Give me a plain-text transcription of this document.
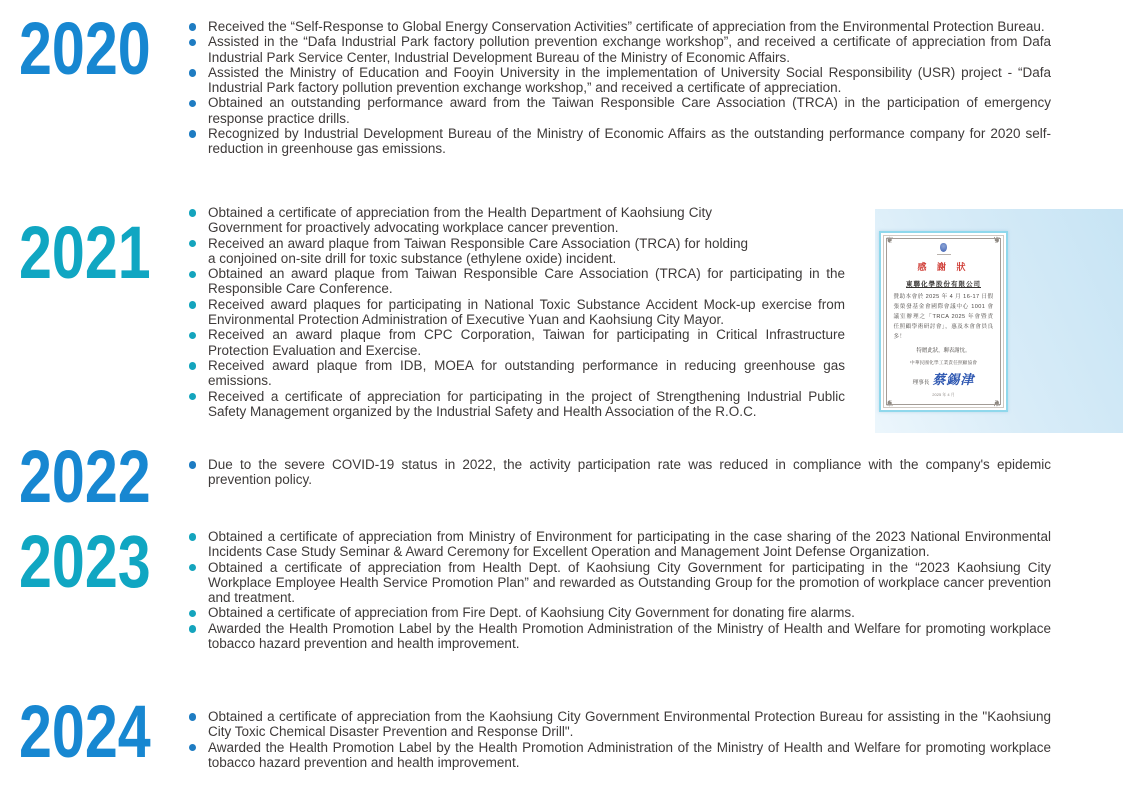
❦	❦
❦	❦
感 謝 狀
東聯化學股份有限公司
贊助本會於 2025 年 4 月 16-17 日假張榮發基金會國際會議中心 1001 會議室辦理之「TRCA 2025 年會暨責任照顧學術研討會」，惠及本會會員良多！
特贈此狀，聊表謝忱。
中華民國化學工業責任照顧協會
理事長 蔡錫津
2025 年 4 月
2020	Received the “Self-Response to Global Energy Conservation Activities” certificate of appreciation from the Environmental Protection Bureau.
Assisted in the “Dafa Industrial Park factory pollution prevention exchange workshop”, and received a certificate of appreciation from Dafa Industrial Park Service Center, Industrial Development Bureau of the Ministry of Economic Affairs.
Assisted the Ministry of Education and Fooyin University in the implementation of University Social Responsibility (USR) project - “Dafa Industrial Park factory pollution prevention exchange workshop,” and received a certificate of appreciation.
Obtained an outstanding performance award from the Taiwan Responsible Care Association (TRCA) in the participation of emergency response practice drills.
Recognized by Industrial Development Bureau of the Ministry of Economic Affairs as the outstanding performance company for 2020 self-reduction in greenhouse gas emissions.
2021	Obtained a certificate of appreciation from the Health Department of Kaohsiung City Government for proactively advocating workplace cancer prevention.
Received an award plaque from Taiwan Responsible Care Association (TRCA) for holding a conjoined on-site drill for toxic substance (ethylene oxide) incident.
Obtained an award plaque from Taiwan Responsible Care Association (TRCA) for participating in the Responsible Care Conference.
Received award plaques for participating in National Toxic Substance Accident Mock-up exercise from Environmental Protection Administration of Executive Yuan and Kaohsiung City Mayor.
Received an award plaque from CPC Corporation, Taiwan for participating in Critical Infrastructure Protection Evaluation and Exercise.
Received award plaque from IDB, MOEA for outstanding performance in reducing greenhouse gas emissions.
Received a certificate of appreciation for participating in the project of Strengthening Industrial Public Safety Management organized by the Industrial Safety and Health Association of the R.O.C.
2022	Due to the severe COVID-19 status in 2022, the activity participation rate was reduced in compliance with the company's epidemic prevention policy.
2023	Obtained a certificate of appreciation from Ministry of Environment for participating in the case sharing of the 2023 National Environmental Incidents Case Study Seminar & Award Ceremony for Excellent Operation and Management Joint Defense Organization.
Obtained a certificate of appreciation from Health Dept. of Kaohsiung City Government for participating in the “2023 Kaohsiung City Workplace Employee Health Service Promotion Plan” and rewarded as Outstanding Group for the promotion of workplace cancer prevention and treatment.
Obtained a certificate of appreciation from Fire Dept. of Kaohsiung City Government for donating fire alarms.
Awarded the Health Promotion Label by the Health Promotion Administration of the Ministry of Health and Welfare for promoting workplace tobacco hazard prevention and health improvement.
2024	Obtained a certificate of appreciation from the Kaohsiung City Government Environmental Protection Bureau for assisting in the "Kaohsiung City Toxic Chemical Disaster Prevention and Response Drill".
Awarded the Health Promotion Label by the Health Promotion Administration of the Ministry of Health and Welfare for promoting workplace tobacco hazard prevention and health improvement.
